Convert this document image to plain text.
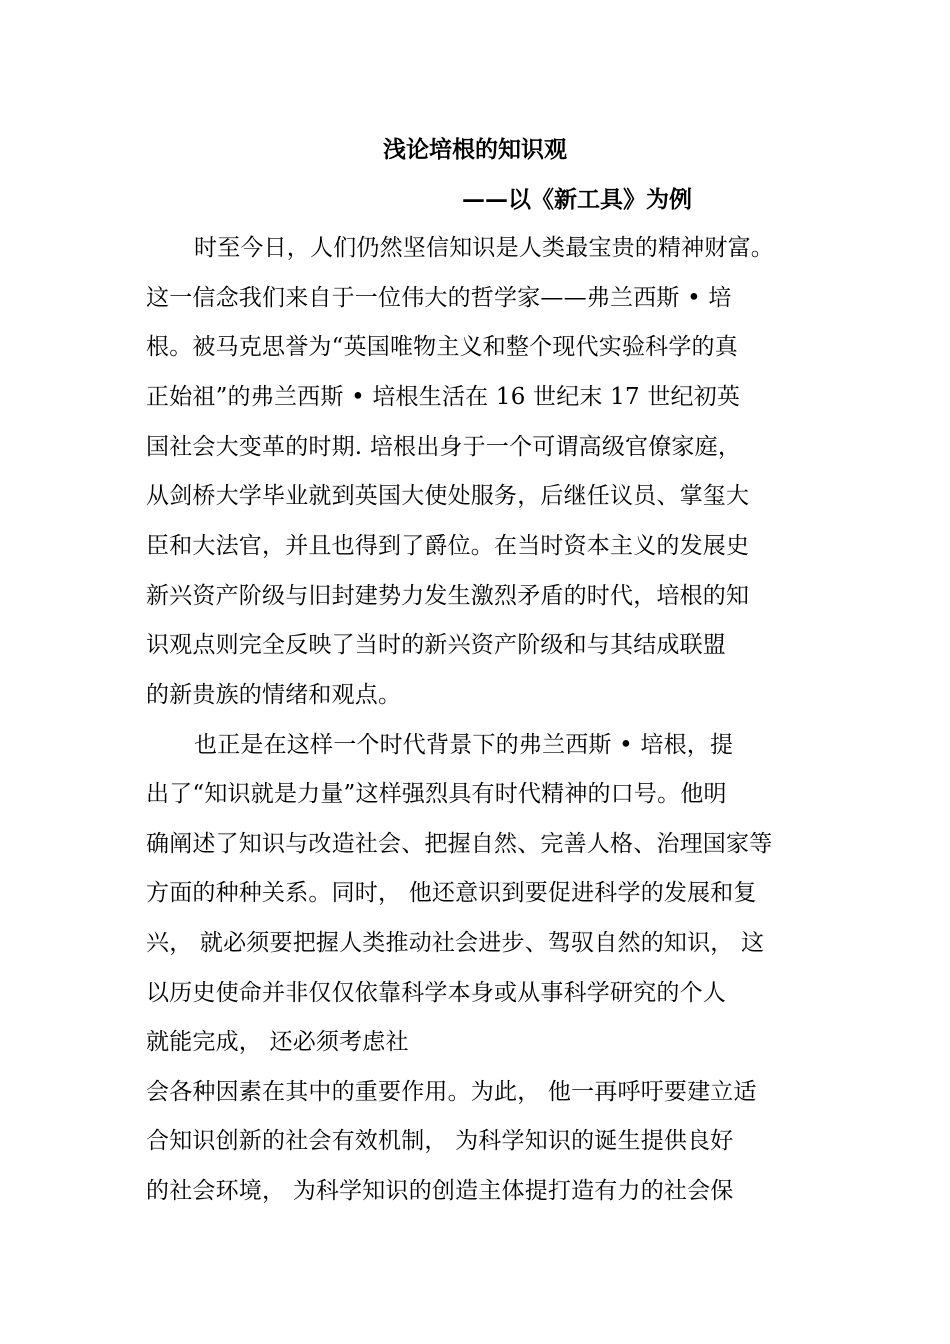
浅论培根的知识观
——以《新工具》为例
时至今日，人们仍然坚信知识是人类最宝贵的精神财富。
这一信念我们来自于一位伟大的哲学家——弗兰西斯 • 培
根。被马克思誉为“英国唯物主义和整个现代实验科学的真
正始祖”的弗兰西斯 • 培根生活在 16 世纪末 17 世纪初英
国社会大变革的时期. 培根出身于一个可谓高级官僚家庭，
从剑桥大学毕业就到英国大使处服务，后继任议员、掌玺大
臣和大法官，并且也得到了爵位。在当时资本主义的发展史
新兴资产阶级与旧封建势力发生激烈矛盾的时代，培根的知
识观点则完全反映了当时的新兴资产阶级和与其结成联盟
的新贵族的情绪和观点。
也正是在这样一个时代背景下的弗兰西斯 • 培根，提
出了“知识就是力量”这样强烈具有时代精神的口号。他明
确阐述了知识与改造社会、把握自然、完善人格、治理国家等
方面的种种关系。同时， 他还意识到要促进科学的发展和复
兴， 就必须要把握人类推动社会进步、驾驭自然的知识， 这
以历史使命并非仅仅依靠科学本身或从事科学研究的个人
就能完成， 还必须考虑社
会各种因素在其中的重要作用。为此， 他一再呼吁要建立适
合知识创新的社会有效机制， 为科学知识的诞生提供良好
的社会环境， 为科学知识的创造主体提打造有力的社会保
